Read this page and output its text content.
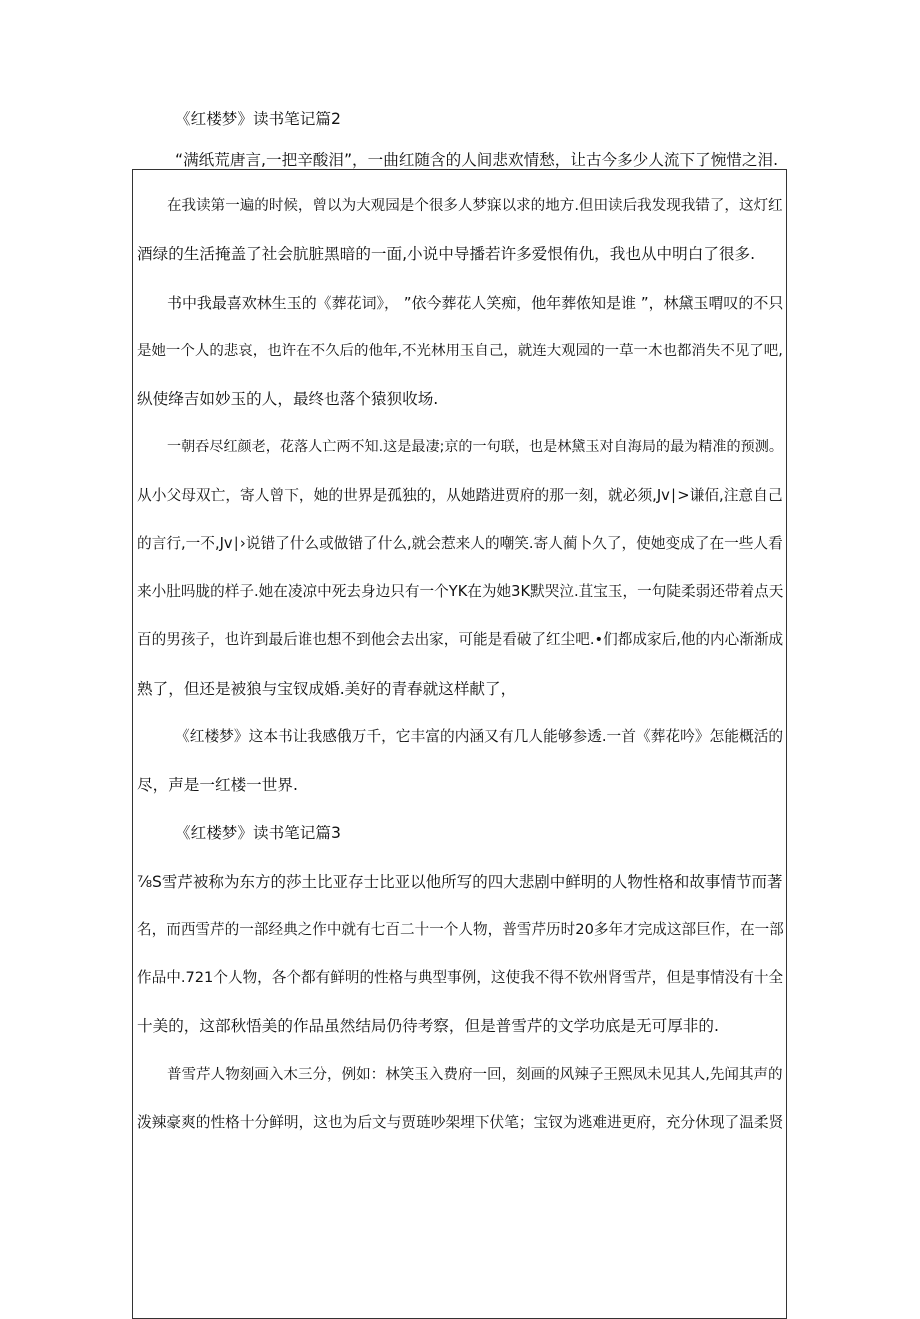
《红楼梦》读书笔记篇2
“满纸荒唐言,一把辛酸泪”，一曲红随含的人间悲欢情愁，让古今多少人流下了惋惜之泪.
在我读第一遍的时候，曾以为大观园是个很多人梦寐以求的地方.但田读后我发现我错了，这灯红
酒绿的生活掩盖了社会肮脏黑暗的一面,小说中导播若许多爱恨侑仇，我也从中明白了很多.
书中我最喜欢林生玉的《葬花词》， ”依今葬花人笑痴，他年葬侬知是谁 ”，林黛玉喟叹的不只
是她一个人的悲哀，也许在不久后的他年,不光林用玉自己，就连大观园的一草一木也都消失不见了吧,
纵使绛吉如妙玉的人，最终也落个猿狈收场.
一朝吞尽红颜老，花落人亡两不知.这是最凄;京的一句联，也是林黛玉对自海局的最为精准的预测。
从小父母双亡，寄人曾下，她的世界是孤独的，从她踏进贾府的那一刻，就必须,Jv∣>谦佰,注意自己
的言行,一不,Jv∣›说错了什么或做错了什么,就会惹来人的嘲笑.寄人蔺卜久了，使她变成了在一些人看
来小肚吗胧的样子.她在凌凉中死去身边只有一个YK在为她3K默哭泣.苴宝玉，一句陡柔弱还带着点天
百的男孩子，也许到最后谁也想不到他会去出家，可能是看破了红尘吧.•们都成家后,他的内心渐渐成
熟了，但还是被狼与宝钗成婚.美好的青春就这样献了，
《红楼梦》这本书让我感俄万千，它丰富的内涵又有几人能够参透.一首《葬花吟》怎能概活的
尽，声是一红楼一世界.
《红楼梦》读书笔记篇3
⅞S雪芹被称为东方的莎土比亚存士比亚以他所写的四大悲剧中鲜明的人物性格和故事情节而著
名，而西雪芹的一部经典之作中就有七百二十一个人物，普雪芹历时20多年才完成这部巨作，在一部
作品中.721个人物，各个都有鲜明的性格与典型事例，这使我不得不钦州肾雪芹，但是事情没有十全
十美的，这部秋悟美的作品虽然结局仍待考察，但是普雪芹的文学功底是无可厚非的.
普雪芹人物刻画入木三分，例如：林笑玉入费府一回，刻画的风辣子王熙凤未见其人,先闻其声的
泼辣豪爽的性格十分鲜明，这也为后文与贾琏吵架埋下伏笔；宝钗为逃难进更府，充分休现了温柔贤
